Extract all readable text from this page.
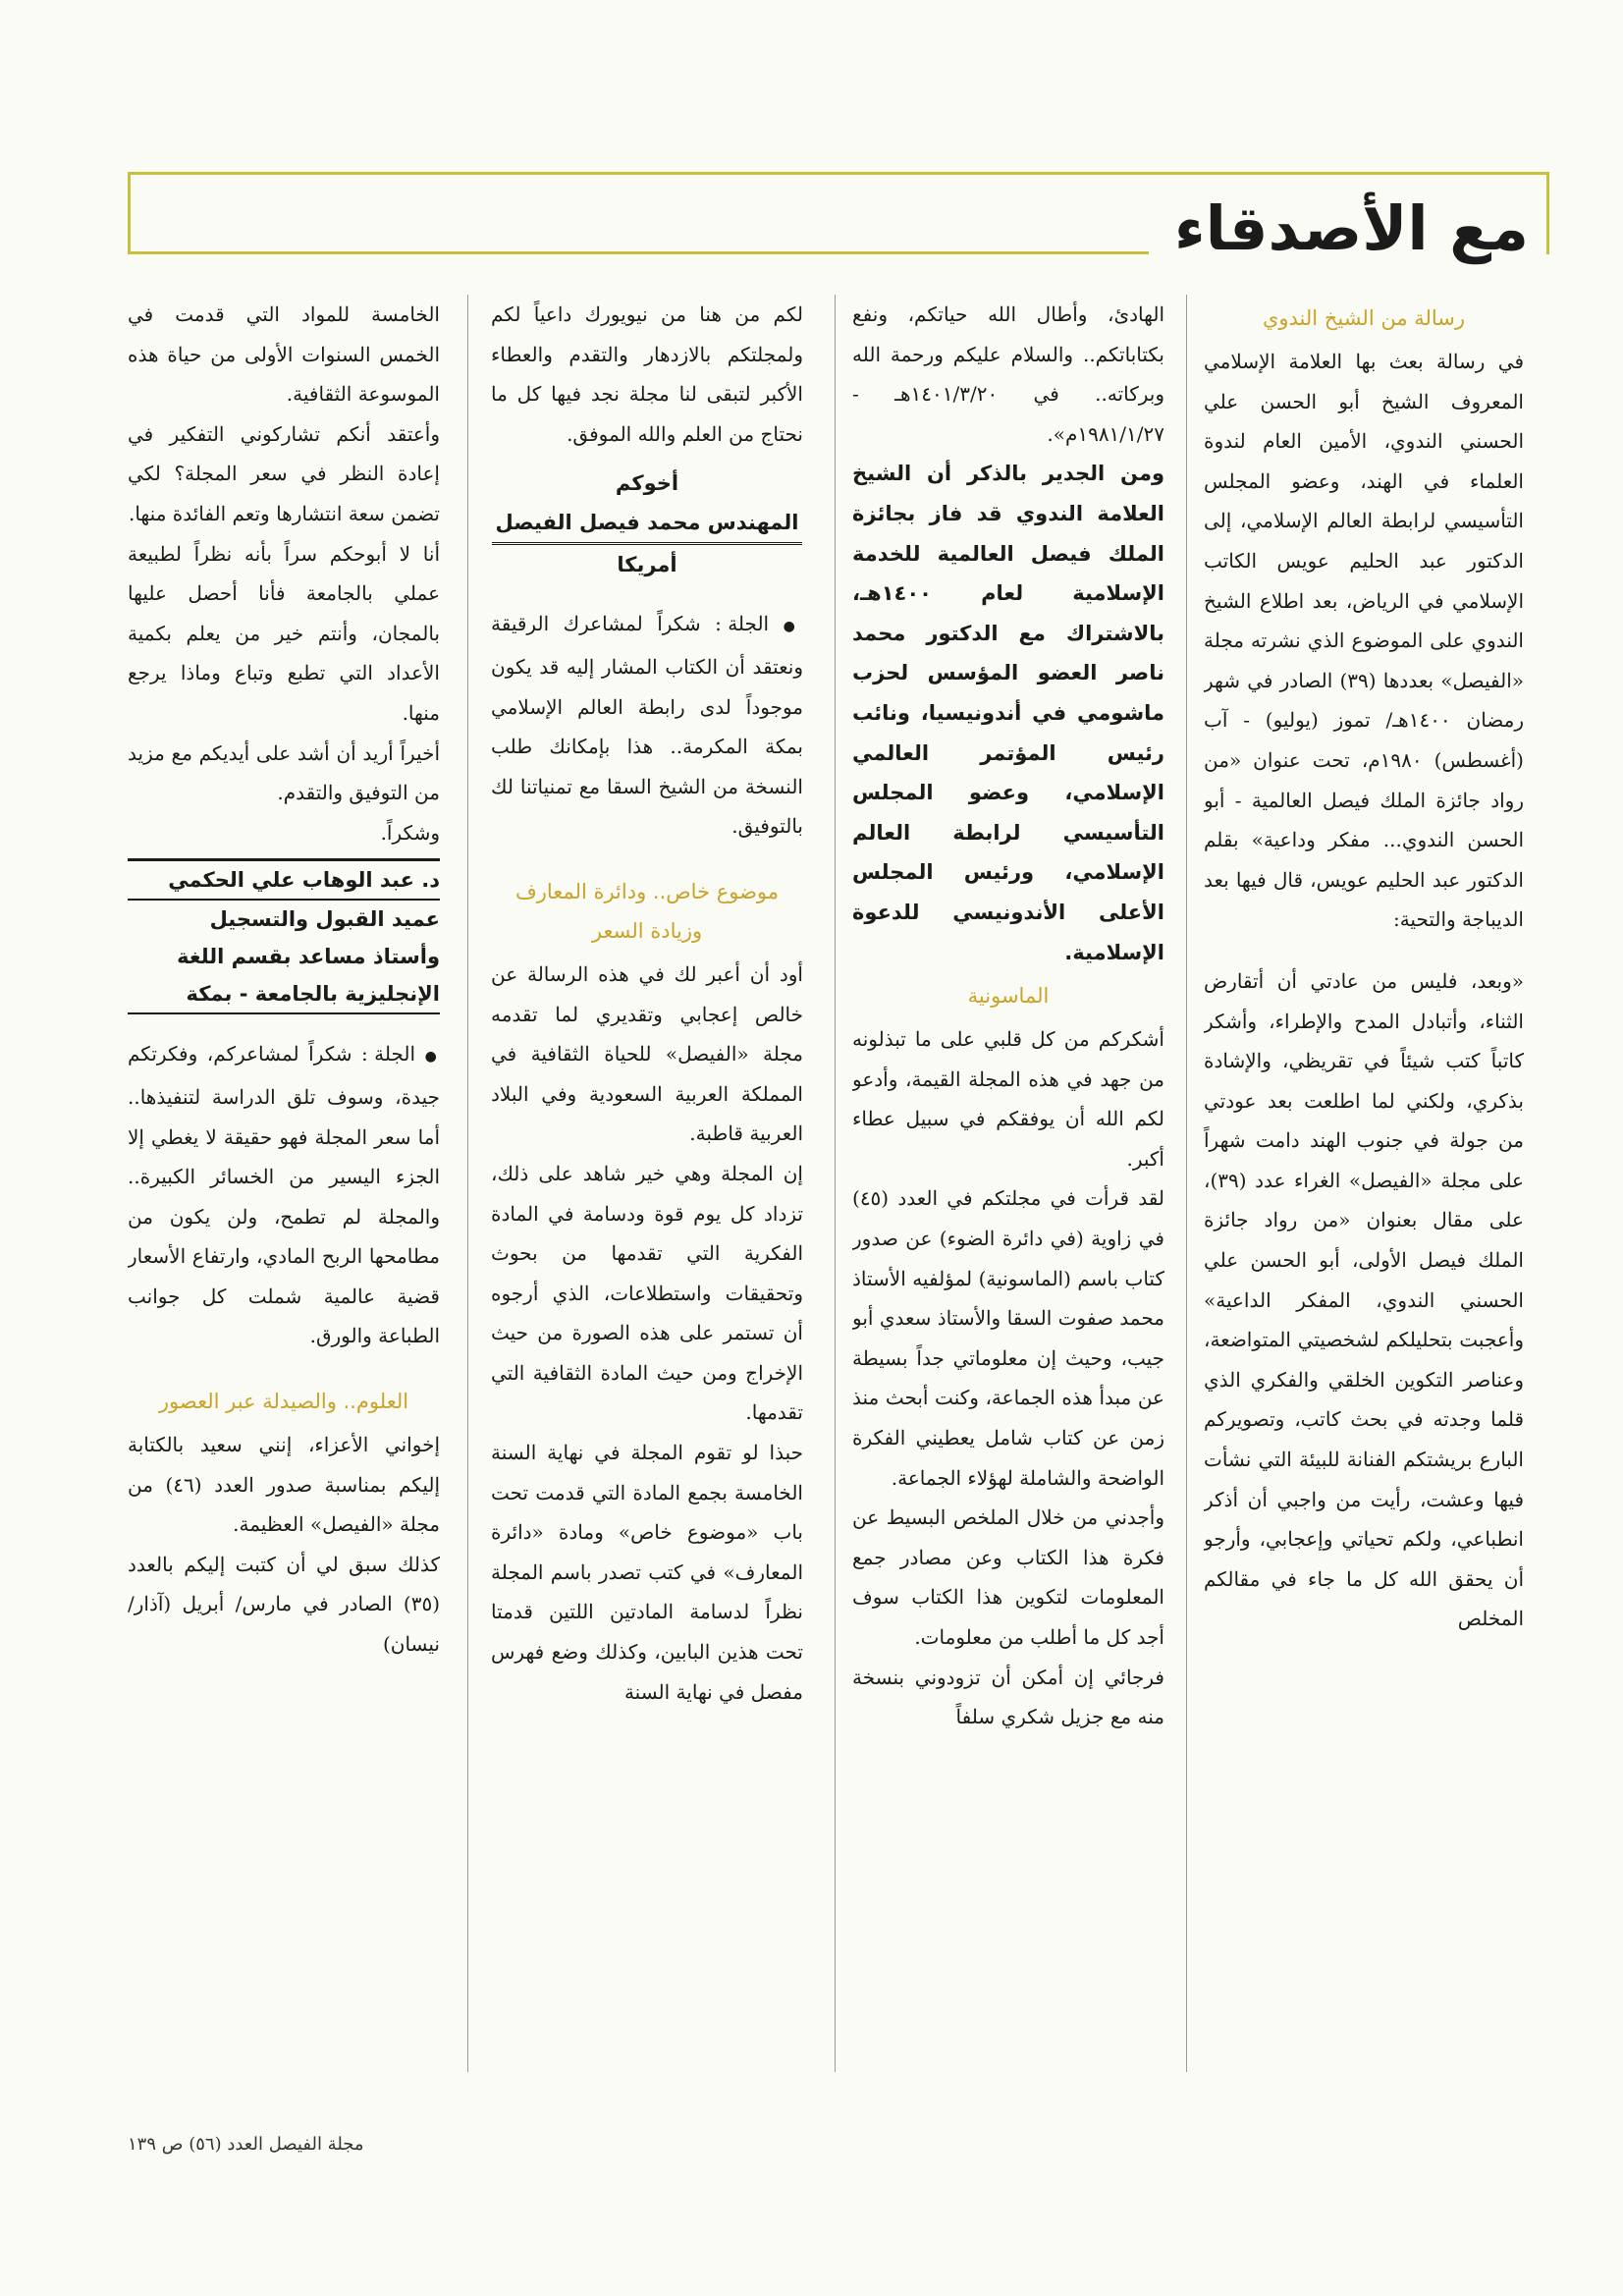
مع الأصدقاء
رسالة من الشيخ الندوي

في رسالة بعث بها العلامة الإسلامي المعروف الشيخ أبو الحسن علي الحسني الندوي، الأمين العام لندوة العلماء في الهند، وعضو المجلس التأسيسي لرابطة العالم الإسلامي، إلى الدكتور عبد الحليم عويس الكاتب الإسلامي في الرياض، بعد اطلاع الشيخ الندوي على الموضوع الذي نشرته مجلة «الفيصل» بعددها (٣٩) الصادر في شهر رمضان ١٤٠٠هـ/ تموز (يوليو) - آب (أغسطس) ١٩٨٠م، تحت عنوان «من رواد جائزة الملك فيصل العالمية - أبو الحسن الندوي... مفكر وداعية» بقلم الدكتور عبد الحليم عويس، قال فيها بعد الديباجة والتحية:

«وبعد، فليس من عادتي أن أتقارض الثناء، وأتبادل المدح والإطراء، وأشكر كاتباً كتب شيئاً في تقريظي، والإشادة بذكري، ولكني لما اطلعت بعد عودتي من جولة في جنوب الهند دامت شهراً على مجلة «الفيصل» الغراء عدد (٣٩)، على مقال بعنوان «من رواد جائزة الملك فيصل الأولى، أبو الحسن علي الحسني الندوي، المفكر الداعية» وأعجبت بتحليلكم لشخصيتي المتواضعة، وعناصر التكوين الخلقي والفكري الذي قلما وجدته في بحث كاتب، وتصويركم البارع بريشتكم الفنانة للبيئة التي نشأت فيها وعشت، رأيت من واجبي أن أذكر انطباعي، ولكم تحياتي وإعجابي، وأرجو أن يحقق الله كل ما جاء في مقالكم المخلص

الهادئ، وأطال الله حياتكم، ونفع بكتاباتكم.. والسلام عليكم ورحمة الله وبركاته.. في ١٤٠١/٣/٢٠هـ - ١٩٨١/١/٢٧م».

ومن الجدير بالذكر أن الشيخ العلامة الندوي قد فاز بجائزة الملك فيصل العالمية للخدمة الإسلامية لعام ١٤٠٠هـ، بالاشتراك مع الدكتور محمد ناصر العضو المؤسس لحزب ماشومي في أندونيسيا، ونائب رئيس المؤتمر العالمي الإسلامي، وعضو المجلس التأسيسي لرابطة العالم الإسلامي، ورئيس المجلس الأعلى الأندونيسي للدعوة الإسلامية.

الماسونية

أشكركم من كل قلبي على ما تبذلونه من جهد في هذه المجلة القيمة، وأدعو لكم الله أن يوفقكم في سبيل عطاء أكبر.

لقد قرأت في مجلتكم في العدد (٤٥) في زاوية (في دائرة الضوء) عن صدور كتاب باسم (الماسونية) لمؤلفيه الأستاذ محمد صفوت السقا والأستاذ سعدي أبو جيب، وحيث إن معلوماتي جداً بسيطة عن مبدأ هذه الجماعة، وكنت أبحث منذ زمن عن كتاب شامل يعطيني الفكرة الواضحة والشاملة لهؤلاء الجماعة.

وأجدني من خلال الملخص البسيط عن فكرة هذا الكتاب وعن مصادر جمع المعلومات لتكوين هذا الكتاب سوف أجد كل ما أطلب من معلومات.

فرجائي إن أمكن أن تزودوني بنسخة منه مع جزيل شكري سلفاً

لكم من هنا من نيويورك داعياً لكم ولمجلتكم بالازدهار والتقدم والعطاء الأكبر لتبقى لنا مجلة نجد فيها كل ما نحتاج من العلم والله الموفق.

أخوكم
المهندس محمد فيصل الفيصل
أمريكا

● الجلة : شكراً لمشاعرك الرقيقة ونعتقد أن الكتاب المشار إليه قد يكون موجوداً لدى رابطة العالم الإسلامي بمكة المكرمة.. هذا بإمكانك طلب النسخة من الشيخ السقا مع تمنياتنا لك بالتوفيق.

موضوع خاص.. ودائرة المعارف وزيادة السعر

أود أن أعبر لك في هذه الرسالة عن خالص إعجابي وتقديري لما تقدمه مجلة «الفيصل» للحياة الثقافية في المملكة العربية السعودية وفي البلاد العربية قاطبة.

إن المجلة وهي خير شاهد على ذلك، تزداد كل يوم قوة ودسامة في المادة الفكرية التي تقدمها من بحوث وتحقيقات واستطلاعات، الذي أرجوه أن تستمر على هذه الصورة من حيث الإخراج ومن حيث المادة الثقافية التي تقدمها.

حبذا لو تقوم المجلة في نهاية السنة الخامسة بجمع المادة التي قدمت تحت باب «موضوع خاص» ومادة «دائرة المعارف» في كتب تصدر باسم المجلة نظراً لدسامة المادتين اللتين قدمتا تحت هذين البابين، وكذلك وضع فهرس مفصل في نهاية السنة

الخامسة للمواد التي قدمت في الخمس السنوات الأولى من حياة هذه الموسوعة الثقافية.

وأعتقد أنكم تشاركوني التفكير في إعادة النظر في سعر المجلة؟ لكي تضمن سعة انتشارها وتعم الفائدة منها.

أنا لا أبوحكم سراً بأنه نظراً لطبيعة عملي بالجامعة فأنا أحصل عليها بالمجان، وأنتم خير من يعلم بكمية الأعداد التي تطبع وتباع وماذا يرجع منها.

أخيراً أريد أن أشد على أيديكم مع مزيد من التوفيق والتقدم.

وشكراً.

د. عبد الوهاب علي الحكمي
عميد القبول والتسجيل
وأستاذ مساعد بقسم اللغة
الإنجليزية بالجامعة - بمكة

● الجلة : شكراً لمشاعركم، وفكرتكم جيدة، وسوف تلق الدراسة لتنفيذها.. أما سعر المجلة فهو حقيقة لا يغطي إلا الجزء اليسير من الخسائر الكبيرة.. والمجلة لم تطمح، ولن يكون من مطامحها الربح المادي، وارتفاع الأسعار قضية عالمية شملت كل جوانب الطباعة والورق.

العلوم.. والصيدلة عبر العصور

إخواني الأعزاء، إنني سعيد بالكتابة إليكم بمناسبة صدور العدد (٤٦) من مجلة «الفيصل» العظيمة.

كذلك سبق لي أن كتبت إليكم بالعدد (٣٥) الصادر في مارس/ أبريل (آذار/ نيسان)

مجلة الفيصل العدد (٥٦) ص ١٣٩
